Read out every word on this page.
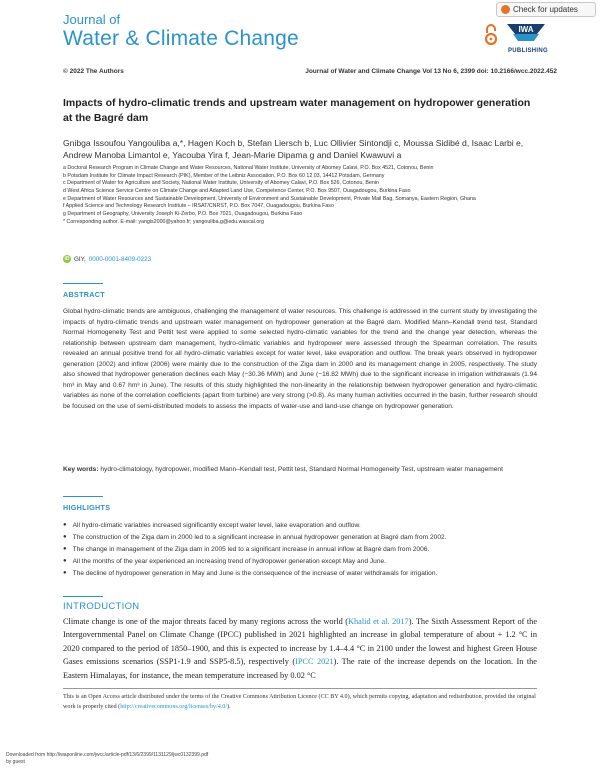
Journal of
Water & Climate Change
Check for updates
IWA
PUBLISHING
© 2022 The Authors	Journal of Water and Climate Change Vol 13 No 6, 2399 doi: 10.2166/wcc.2022.452
Impacts of hydro-climatic trends and upstream water management on hydropower generation at the Bagré dam
Gnibga Issoufou Yangouliba a,*, Hagen Koch b, Stefan Liersch b, Luc Ollivier Sintondji c, Moussa Sidibé d, Isaac Larbi e, Andrew Manoba Limantol e, Yacouba Yira f, Jean-Marie Dipama g and Daniel Kwawuvi a
a Doctoral Research Program in Climate Change and Water Resources, National Water Institute, University of Abomey Calavi, P.O. Box 4521, Cotonou, Benin
b Potsdam Institute for Climate Impact Research (PIK), Member of the Leibniz Association, P.O. Box 60 12 03, 14412 Potsdam, Germany
c Department of Water for Agriculture and Society, National Water Institute, University of Abomey Calavi, P.O. Box 526, Cotonou, Benin
d West Africa Science Service Centre on Climate Change and Adapted Land Use, Competence Center, P.O. Box 9507, Ouagadougou, Burkina Faso
e Department of Water Resources and Sustainable Development, University of Environment and Sustainable Development, Private Mail Bag, Somanya, Eastern Region, Ghana
f Applied Science and Technology Research Institute – IRSAT/CNRST, P.O. Box 7047, Ouagadougou, Burkina Faso
g Department of Geography, University Joseph Ki-Zerbo, P.O. Box 7021, Ouagadougou, Burkina Faso
* Corresponding author. E-mail: yangis2000@yahoo.fr; yangouliba.g@edu.wascal.org
iD GIY, 0000-0001-8409-0223
ABSTRACT
Global hydro-climatic trends are ambiguous, challenging the management of water resources. This challenge is addressed in the current study by investigating the impacts of hydro-climatic trends and upstream water management on hydropower generation at the Bagré dam. Modified Mann–Kendall trend test, Standard Normal Homogeneity Test and Pettit test were applied to some selected hydro-climatic variables for the trend and the change year detection, whereas the relationship between upstream dam management, hydro-climatic variables and hydropower were assessed through the Spearman correlation. The results revealed an annual positive trend for all hydro-climatic variables except for water level, lake evaporation and outflow. The break years observed in hydropower generation (2002) and inflow (2006) were mainly due to the construction of the Ziga dam in 2000 and its management change in 2005, respectively. The study also showed that hydropower generation declines each May (−30.36 MWh) and June (−16.82 MWh) due to the significant increase in irrigation withdrawals (1.94 hm³ in May and 0.67 hm³ in June). The results of this study highlighted the non-linearity in the relationship between hydropower generation and hydro-climatic variables as none of the correlation coefficients (apart from turbine) are very strong (>0.8). As many human activities occurred in the basin, further research should be focused on the use of semi-distributed models to assess the impacts of water-use and land-use change on hydropower generation.
Key words: hydro-climatology, hydropower, modified Mann–Kendall test, Pettit test, Standard Normal Homogeneity Test, upstream water management
HIGHLIGHTS
● All hydro-climatic variables increased significantly except water level, lake evaporation and outflow.
● The construction of the Ziga dam in 2000 led to a significant increase in annual hydropower generation at Bagré dam from 2002.
● The change in management of the Ziga dam in 2005 led to a significant increase in annual inflow at Bagré dam from 2006.
● All the months of the year experienced an increasing trend of hydropower generation except May and June.
● The decline of hydropower generation in May and June is the consequence of the increase of water withdrawals for irrigation.
INTRODUCTION
Climate change is one of the major threats faced by many regions across the world (Khalid et al. 2017). The Sixth Assessment Report of the Intergovernmental Panel on Climate Change (IPCC) published in 2021 highlighted an increase in global temperature of about + 1.2 °C in 2020 compared to the period of 1850–1900, and this is expected to increase by 1.4–4.4 °C in 2100 under the lowest and highest Green House Gases emissions scenarios (SSP1-1.9 and SSP5-8.5), respectively (IPCC 2021). The rate of the increase depends on the location. In the Eastern Himalayas, for instance, the mean temperature increased by 0.02 °C
This is an Open Access article distributed under the terms of the Creative Commons Attribution Licence (CC BY 4.0), which permits copying, adaptation and redistribution, provided the original work is properly cited (http://creativecommons.org/licenses/by/4.0/).
Downloaded from http://iwaponline.com/jwcc/article-pdf/13/6/2399/1131129/jwc0132399.pdf
by guest
